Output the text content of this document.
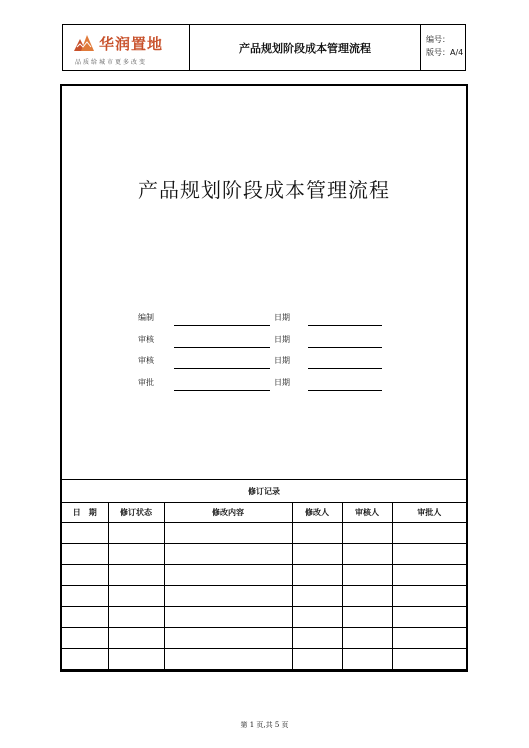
华润置地
品质给城市更多改变
产品规划阶段成本管理流程
编号：
版号：A/4
产品规划阶段成本管理流程
编制	日期
审核	日期
审核	日期
审批	日期
修订记录
日　期	修订状态	修改内容	修改人	审核人	审批人

第 1 页,共 5 页
